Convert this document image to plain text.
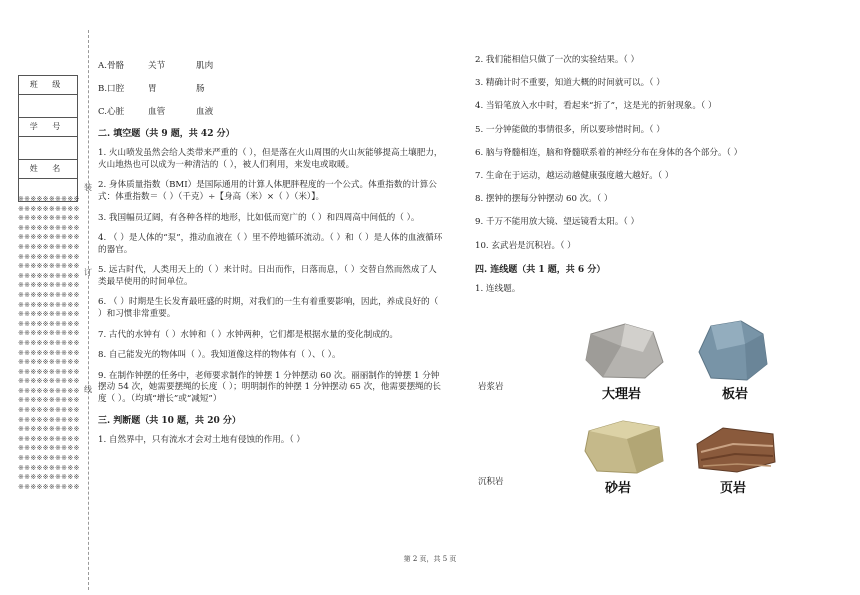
班 级

学 号

姓 名

※※※※※※※※※※※※※※※※※※※※※※※※※※※※※※※※※※※※※※※※※※※※※※※※※※※※※※※※※※※※※※※※※※※※※※※※※※※※※※※※※※※※※※※※※※※※※※※※※※※※※※※※※※※※※※※※※※※※※※※※※※※※※※※※※※※※※※※※※※※※※※※※※※※※※※※※※※※※※※※※※※※※※※※※※※※※※※※※※※※※※※※※※※※※※※※※※※※※※※※※※※※※※※※※※※※※※※※※※※※※※※※※※※※※※※※※※※※※※※※※※※※※※※※※※※※※※※※※※※※※※※※※※※※※※※※※※※※※※※※※※※※※※※※※※※※※※※※※※※※※※※※※※※※※※※
装
订
线
A.骨骼	关节	肌肉
B.口腔	胃	肠
C.心脏	血管	血液
二. 填空题（共 9 题，共 42 分）
1. 火山喷发虽然会给人类带来严重的（ ），但是落在火山周围的火山灰能够提高土壤肥力，火山地热也可以成为一种清洁的（ ），被人们利用，来发电或取暖。
2. 身体质量指数（BMI）是国际通用的计算人体肥胖程度的一个公式。体重指数的计算公式：体重指数＝（ ）（千克）÷【身高（米）×（ ）（米）】。
3. 我国幅员辽阔，有各种各样的地形，比如低而宽广的（ ）和四周高中间低的（ ）。
4. （ ）是人体的“泵”，推动血液在（ ）里不停地循环流动。（ ）和（ ）是人体的血液循环的器官。
5. 远古时代，人类用天上的（ ）来计时。日出而作，日落而息，（ ）交替自然而然成了人类最早使用的时间单位。
6. （ ）时期是生长发育最旺盛的时期，对我们的一生有着重要影响，因此，养成良好的（ ）和习惯非常重要。
7. 古代的水钟有（ ）水钟和（ ）水钟两种，它们都是根据水量的变化制成的。
8. 自己能发光的物体叫（ ）。我知道像这样的物体有（ ）、（ ）。
9. 在制作钟摆的任务中，老师要求制作的钟摆 1 分钟摆动 60 次。丽丽制作的钟摆 1 分钟摆动 54 次，她需要摆绳的长度（ ）；明明制作的钟摆 1 分钟摆动 65 次，他需要摆绳的长度（ ）。（均填“增长”或“减短”）
三. 判断题（共 10 题，共 20 分）
1. 自然界中，只有流水才会对土地有侵蚀的作用。（ ）
2. 我们能相信只做了一次的实验结果。（ ）
3. 精确计时不重要，知道大概的时间就可以。（ ）
4. 当铅笔放入水中时，看起来“折了”，这是光的折射现象。（ ）
5. 一分钟能做的事情很多，所以要珍惜时间。（ ）
6. 脑与脊髓相连，脑和脊髓联系着的神经分布在身体的各个部分。（ ）
7. 生命在于运动，越运动越健康强度越大越好。（ ）
8. 摆钟的摆每分钟摆动 60 次。（ ）
9. 千万不能用放大镜、望远镜看太阳。（ ）
10. 玄武岩是沉积岩。（ ）
四. 连线题（共 1 题，共 6 分）
1. 连线题。
岩浆岩
沉积岩
大理岩	板岩
砂岩	页岩
第 2 页，共 5 页
